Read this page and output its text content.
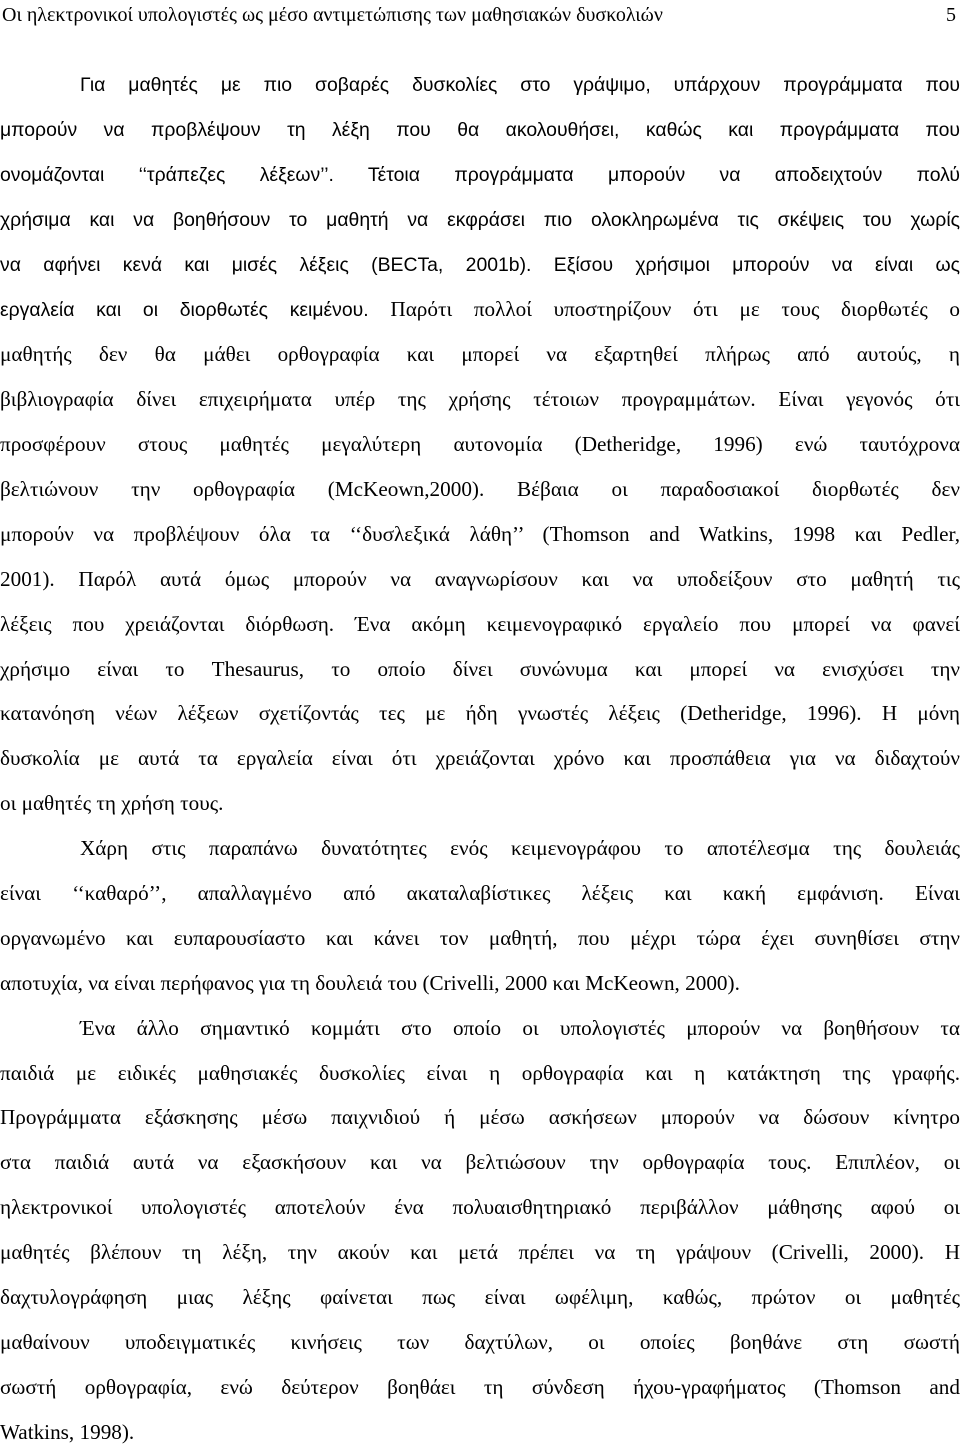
Οι ηλεκτρονικοί υπολογιστές ως μέσο αντιμετώπισης των μαθησιακών δυσκολιών	5
Για μαθητές με πιο σοβαρές δυσκολίες στο γράψιμο, υπάρχουν προγράμματα που
μπορούν να προβλέψουν τη λέξη που θα ακολουθήσει, καθώς και προγράμματα που
ονομάζονται ‘‘τράπεζες λέξεων’’. Τέτοια προγράμματα μπορούν να αποδειχτούν πολύ
χρήσιμα και να βοηθήσουν το μαθητή να εκφράσει πιο ολοκληρωμένα τις σκέψεις του χωρίς
να αφήνει κενά και μισές λέξεις (BECTa, 2001b). Εξίσου χρήσιμοι μπορούν να είναι ως
εργαλεία και οι διορθωτές κειμένου. Παρότι πολλοί υποστηρίζουν ότι με τους διορθωτές ο
μαθητής δεν θα μάθει ορθογραφία και μπορεί να εξαρτηθεί πλήρως από αυτούς, η
βιβλιογραφία δίνει επιχειρήματα υπέρ της χρήσης τέτοιων προγραμμάτων. Είναι γεγονός ότι
προσφέρουν στους μαθητές μεγαλύτερη αυτονομία (Detheridge, 1996) ενώ ταυτόχρονα
βελτιώνουν την ορθογραφία (McKeown,2000). Βέβαια οι παραδοσιακοί διορθωτές δεν
μπορούν να προβλέψουν όλα τα ‘‘δυσλεξικά λάθη’’ (Thomson and Watkins, 1998 και Pedler,
2001). Παρόλ αυτά όμως μπορούν να αναγνωρίσουν και να υποδείξουν στο μαθητή τις
λέξεις που χρειάζονται διόρθωση. Ένα ακόμη κειμενογραφικό εργαλείο που μπορεί να φανεί
χρήσιμο είναι το Thesaurus, το οποίο δίνει συνώνυμα και μπορεί να ενισχύσει την
κατανόηση νέων λέξεων σχετίζοντάς τες με ήδη γνωστές λέξεις (Detheridge, 1996). Η μόνη
δυσκολία με αυτά τα εργαλεία είναι ότι χρειάζονται χρόνο και προσπάθεια για να διδαχτούν
οι μαθητές τη χρήση τους.
Χάρη στις παραπάνω δυνατότητες ενός κειμενογράφου το αποτέλεσμα της δουλειάς
είναι ‘‘καθαρό’’, απαλλαγμένο από ακαταλαβίστικες λέξεις και κακή εμφάνιση. Είναι
οργανωμένο και ευπαρουσίαστο και κάνει τον μαθητή, που μέχρι τώρα έχει συνηθίσει στην
αποτυχία, να είναι περήφανος για τη δουλειά του (Crivelli, 2000 και McKeown, 2000).
Ένα άλλο σημαντικό κομμάτι στο οποίο οι υπολογιστές μπορούν να βοηθήσουν τα
παιδιά με ειδικές μαθησιακές δυσκολίες είναι η ορθογραφία και η κατάκτηση της γραφής.
Προγράμματα εξάσκησης μέσω παιχνιδιού ή μέσω ασκήσεων μπορούν να δώσουν κίνητρο
στα παιδιά αυτά να εξασκήσουν και να βελτιώσουν την ορθογραφία τους. Επιπλέον, οι
ηλεκτρονικοί υπολογιστές αποτελούν ένα πολυαισθητηριακό περιβάλλον μάθησης αφού οι
μαθητές βλέπουν τη λέξη, την ακούν και μετά πρέπει να τη γράψουν (Crivelli, 2000). Η
δαχτυλογράφηση μιας λέξης φαίνεται πως είναι ωφέλιμη, καθώς, πρώτον οι μαθητές
μαθαίνουν υποδειγματικές κινήσεις των δαχτύλων, οι οποίες βοηθάνε στη σωστή
σωστή ορθογραφία, ενώ δεύτερον βοηθάει τη σύνδεση ήχου-γραφήματος (Thomson and
Watkins, 1998).
